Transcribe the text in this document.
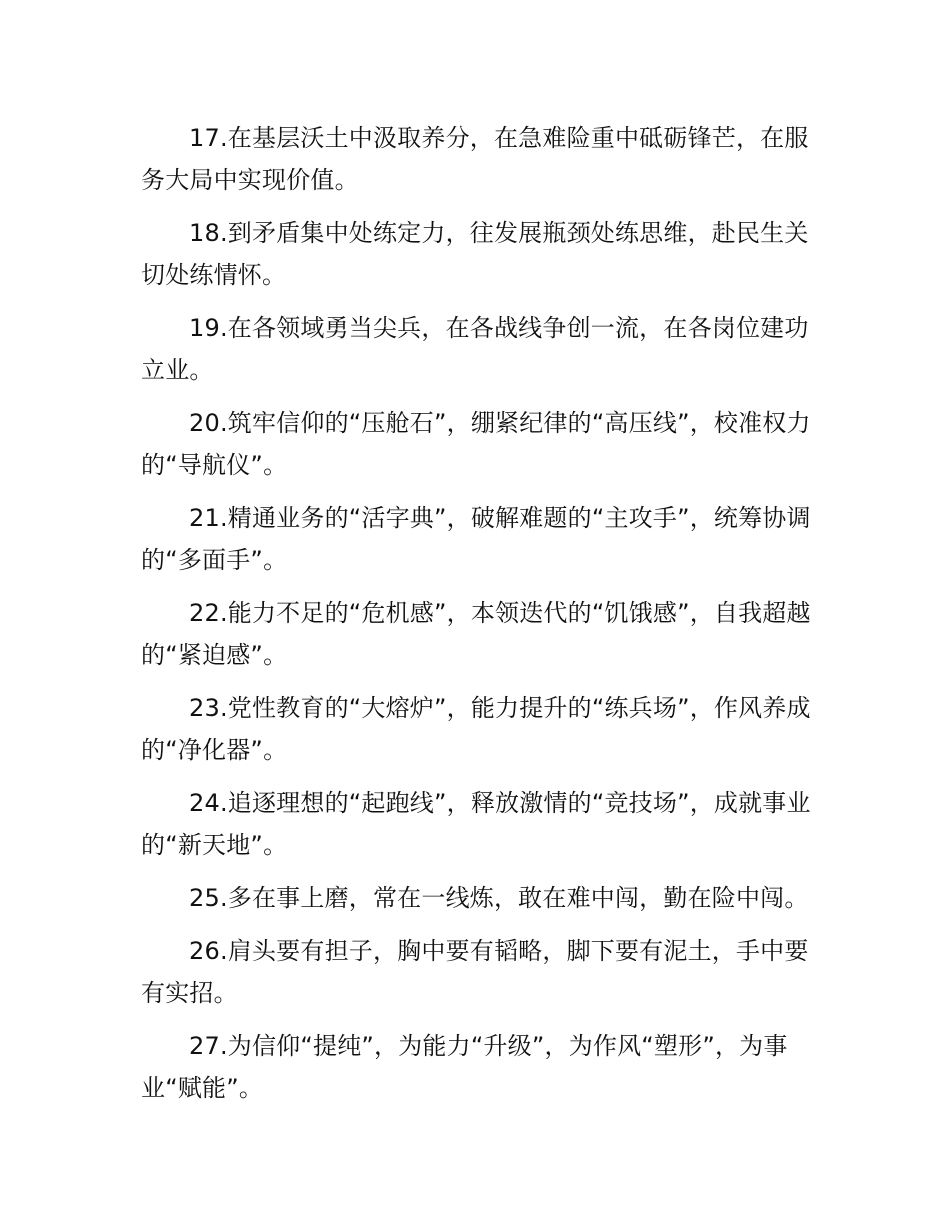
17.在基层沃土中汲取养分，在急难险重中砥砺锋芒，在服务大局中实现价值。

18.到矛盾集中处练定力，往发展瓶颈处练思维，赴民生关切处练情怀。

19.在各领域勇当尖兵，在各战线争创一流，在各岗位建功立业。

20.筑牢信仰的“压舱石”，绷紧纪律的“高压线”，校准权力的“导航仪”。

21.精通业务的“活字典”，破解难题的“主攻手”，统筹协调的“多面手”。

22.能力不足的“危机感”，本领迭代的“饥饿感”，自我超越的“紧迫感”。

23.党性教育的“大熔炉”，能力提升的“练兵场”，作风养成的“净化器”。

24.追逐理想的“起跑线”，释放激情的“竞技场”，成就事业的“新天地”。

25.多在事上磨，常在一线炼，敢在难中闯，勤在险中闯。

26.肩头要有担子，胸中要有韬略，脚下要有泥土，手中要有实招。

27.为信仰“提纯”，为能力“升级”，为作风“塑形”，为事业“赋能”。
